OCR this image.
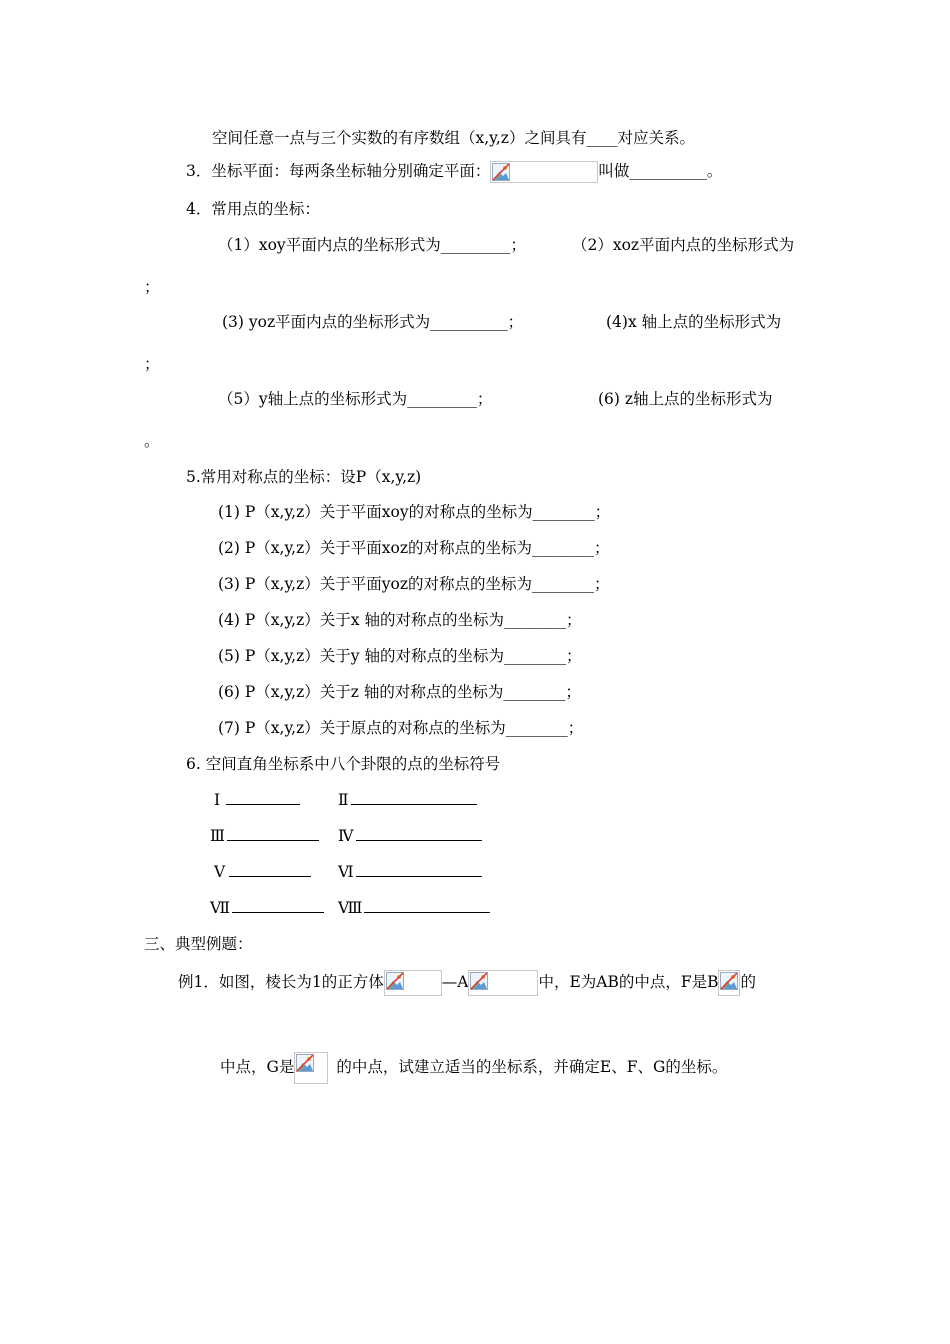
空间任意一点与三个实数的有序数组（x,y,z）之间具有____对应关系。
3．坐标平面：每两条坐标轴分别确定平面：	叫做__________。
4．常用点的坐标：
（1）xoy平面内点的坐标形式为_________；	（2）xoz平面内点的坐标形式为
；
(3) yoz平面内点的坐标形式为__________；	(4)x 轴上点的坐标形式为
；
（5）y轴上点的坐标形式为_________；	(6) z轴上点的坐标形式为
。
5.常用对称点的坐标：设P（x,y,z)
(1) P（x,y,z）关于平面xoy的对称点的坐标为________；
(2) P（x,y,z）关于平面xoz的对称点的坐标为________；
(3) P（x,y,z）关于平面yoz的对称点的坐标为________；
(4) P（x,y,z）关于x 轴的对称点的坐标为________；
(5) P（x,y,z）关于y 轴的对称点的坐标为________；
(6) P（x,y,z）关于z 轴的对称点的坐标为________；
(7) P（x,y,z）关于原点的对称点的坐标为________；
6. 空间直角坐标系中八个卦限的点的坐标符号
Ⅰ	Ⅱ
Ⅲ	Ⅳ
Ⅴ	Ⅵ
Ⅶ	Ⅷ
三、典型例题：
例1．如图，棱长为1的正方体	—A	中，E为AB的中点，F是B 的
中点，G是	的中点，试建立适当的坐标系，并确定E、F、G的坐标。
